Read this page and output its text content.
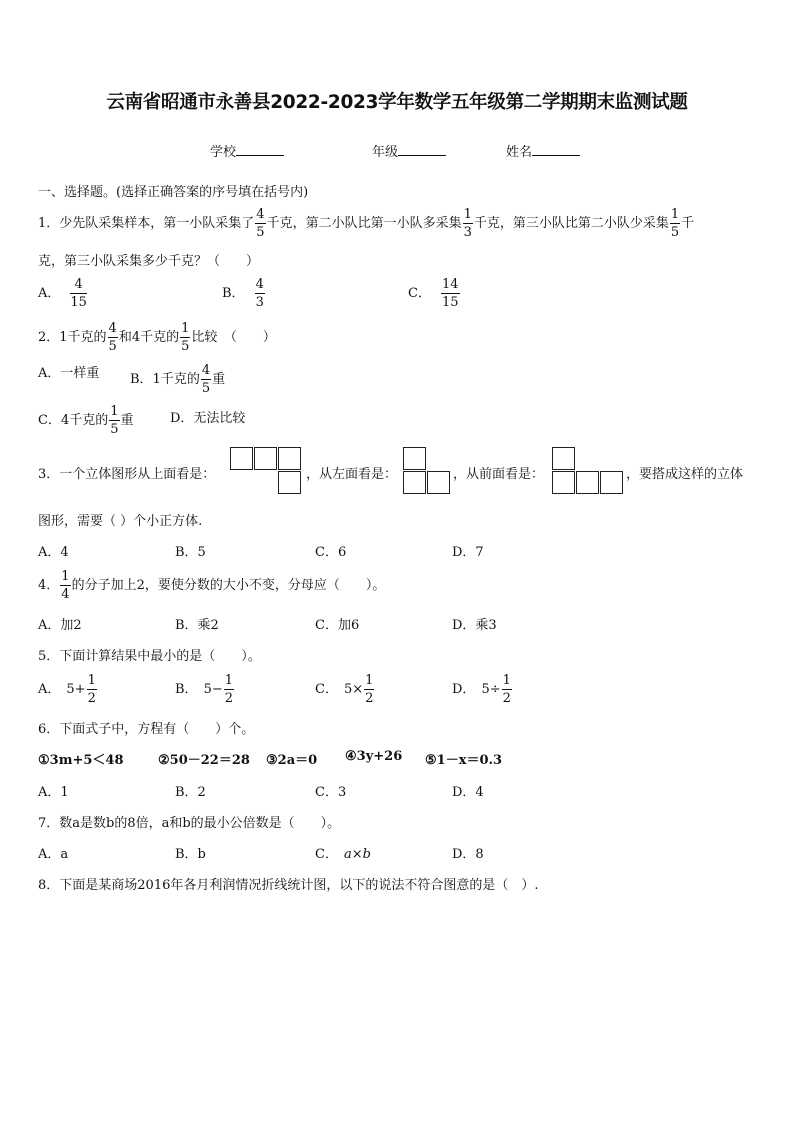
云南省昭通市永善县2022-2023学年数学五年级第二学期期末监测试题
学校	年级	姓名
一、选择题。(选择正确答案的序号填在括号内)
1．少先队采集样本，第一小队采集了 $\frac{4}{5}$ 千克，第二小队比第一小队多采集 $\frac{1}{3}$ 千克，第三小队比第二小队少采集 $\frac{1}{5}$ 千
克，第三小队采集多少千克？（　　）
A． $\frac{4}{15}$	B． $\frac{4}{3}$	C． $\frac{14}{15}$
2．1千克的 $\frac{4}{5}$ 和4千克的 $\frac{1}{5}$ 比较　（　　）
A．一样重 B．1千克的 $\frac{4}{5}$ 重
C．4千克的 $\frac{1}{5}$ 重	D．无法比较
3．一个立体图形从上面看是：	，从左面看是：	，从前面看是：	，要搭成这样的立体
图形，需要（ ）个小正方体.
A．4	B．5	C．6	D．7
4． $\frac{1}{4}$ 的分子加上2，要使分数的大小不变，分母应（　　）。
A．加2	B．乘2	C．加6	D．乘3
5．下面计算结果中最小的是（　　）。
A． $5+ \frac{1}{2}$	B． $5- \frac{1}{2}$	C． $5\times \frac{1}{2}$	D． $5\div \frac{1}{2}$
6．下面式子中，方程有（　　）个。
①3m+5＜48	②50－22＝28 ③2a＝0 ④3y+26 ⑤1－x＝0.3
A．1	B．2	C．3	D．4
7．数a是数b的8倍，a和b的最小公倍数是（　　）。
A．a	B．b	C． a×b	D．8
8．下面是某商场2016年各月利润情况折线统计图，以下的说法不符合图意的是（　）.
